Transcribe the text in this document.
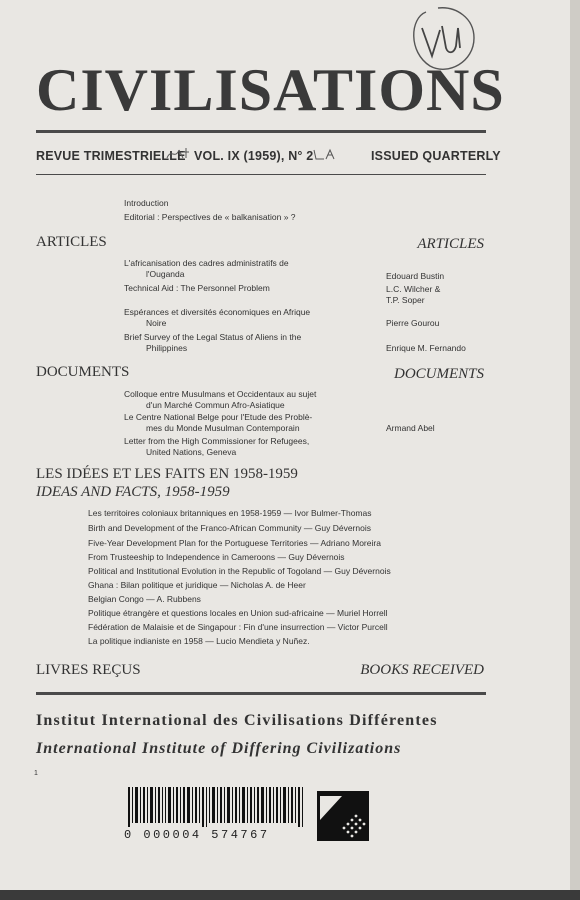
CIVILISATIONS
REVUE TRIMESTRIELLE VOL. IX (1959), N° 2	ISSUED QUARTERLY
Introduction
Editorial : Perspectives de « balkanisation » ?
ARTICLES	ARTICLES
L'africanisation des cadres administratifs de
l'Ouganda	Edouard Bustin
Technical Aid : The Personnel Problem	L.C. Wilcher &
T.P. Soper
Espérances et diversités économiques en Afrique
Noire	Pierre Gourou
Brief Survey of the Legal Status of Aliens in the
Philippines	Enrique M. Fernando
DOCUMENTS	DOCUMENTS
Colloque entre Musulmans et Occidentaux au sujet
d'un Marché Commun Afro-Asiatique
Le Centre National Belge pour l'Etude des Problè-
mes du Monde Musulman Contemporain	Armand Abel
Letter from the High Commissioner for Refugees,
United Nations, Geneva
LES IDÉES ET LES FAITS EN 1958-1959
IDEAS AND FACTS, 1958-1959
Les territoires coloniaux britanniques en 1958-1959 — Ivor Bulmer-Thomas
Birth and Development of the Franco-African Community — Guy Dévernois
Five-Year Development Plan for the Portuguese Territories — Adriano Moreira
From Trusteeship to Independence in Cameroons — Guy Dévernois
Political and Institutional Evolution in the Republic of Togoland — Guy Dévernois
Ghana : Bilan politique et juridique — Nicholas A. de Heer
Belgian Congo — A. Rubbens
Politique étrangère et questions locales en Union sud-africaine — Muriel Horrell
Fédération de Malaisie et de Singapour : Fin d'une insurrection — Victor Purcell
La politique indianiste en 1958 — Lucio Mendieta y Nuñez.
LIVRES REÇUS	BOOKS RECEIVED
Institut International des Civilisations Différentes
International Institute of Differing Civilizations
1
0 000004 574767
